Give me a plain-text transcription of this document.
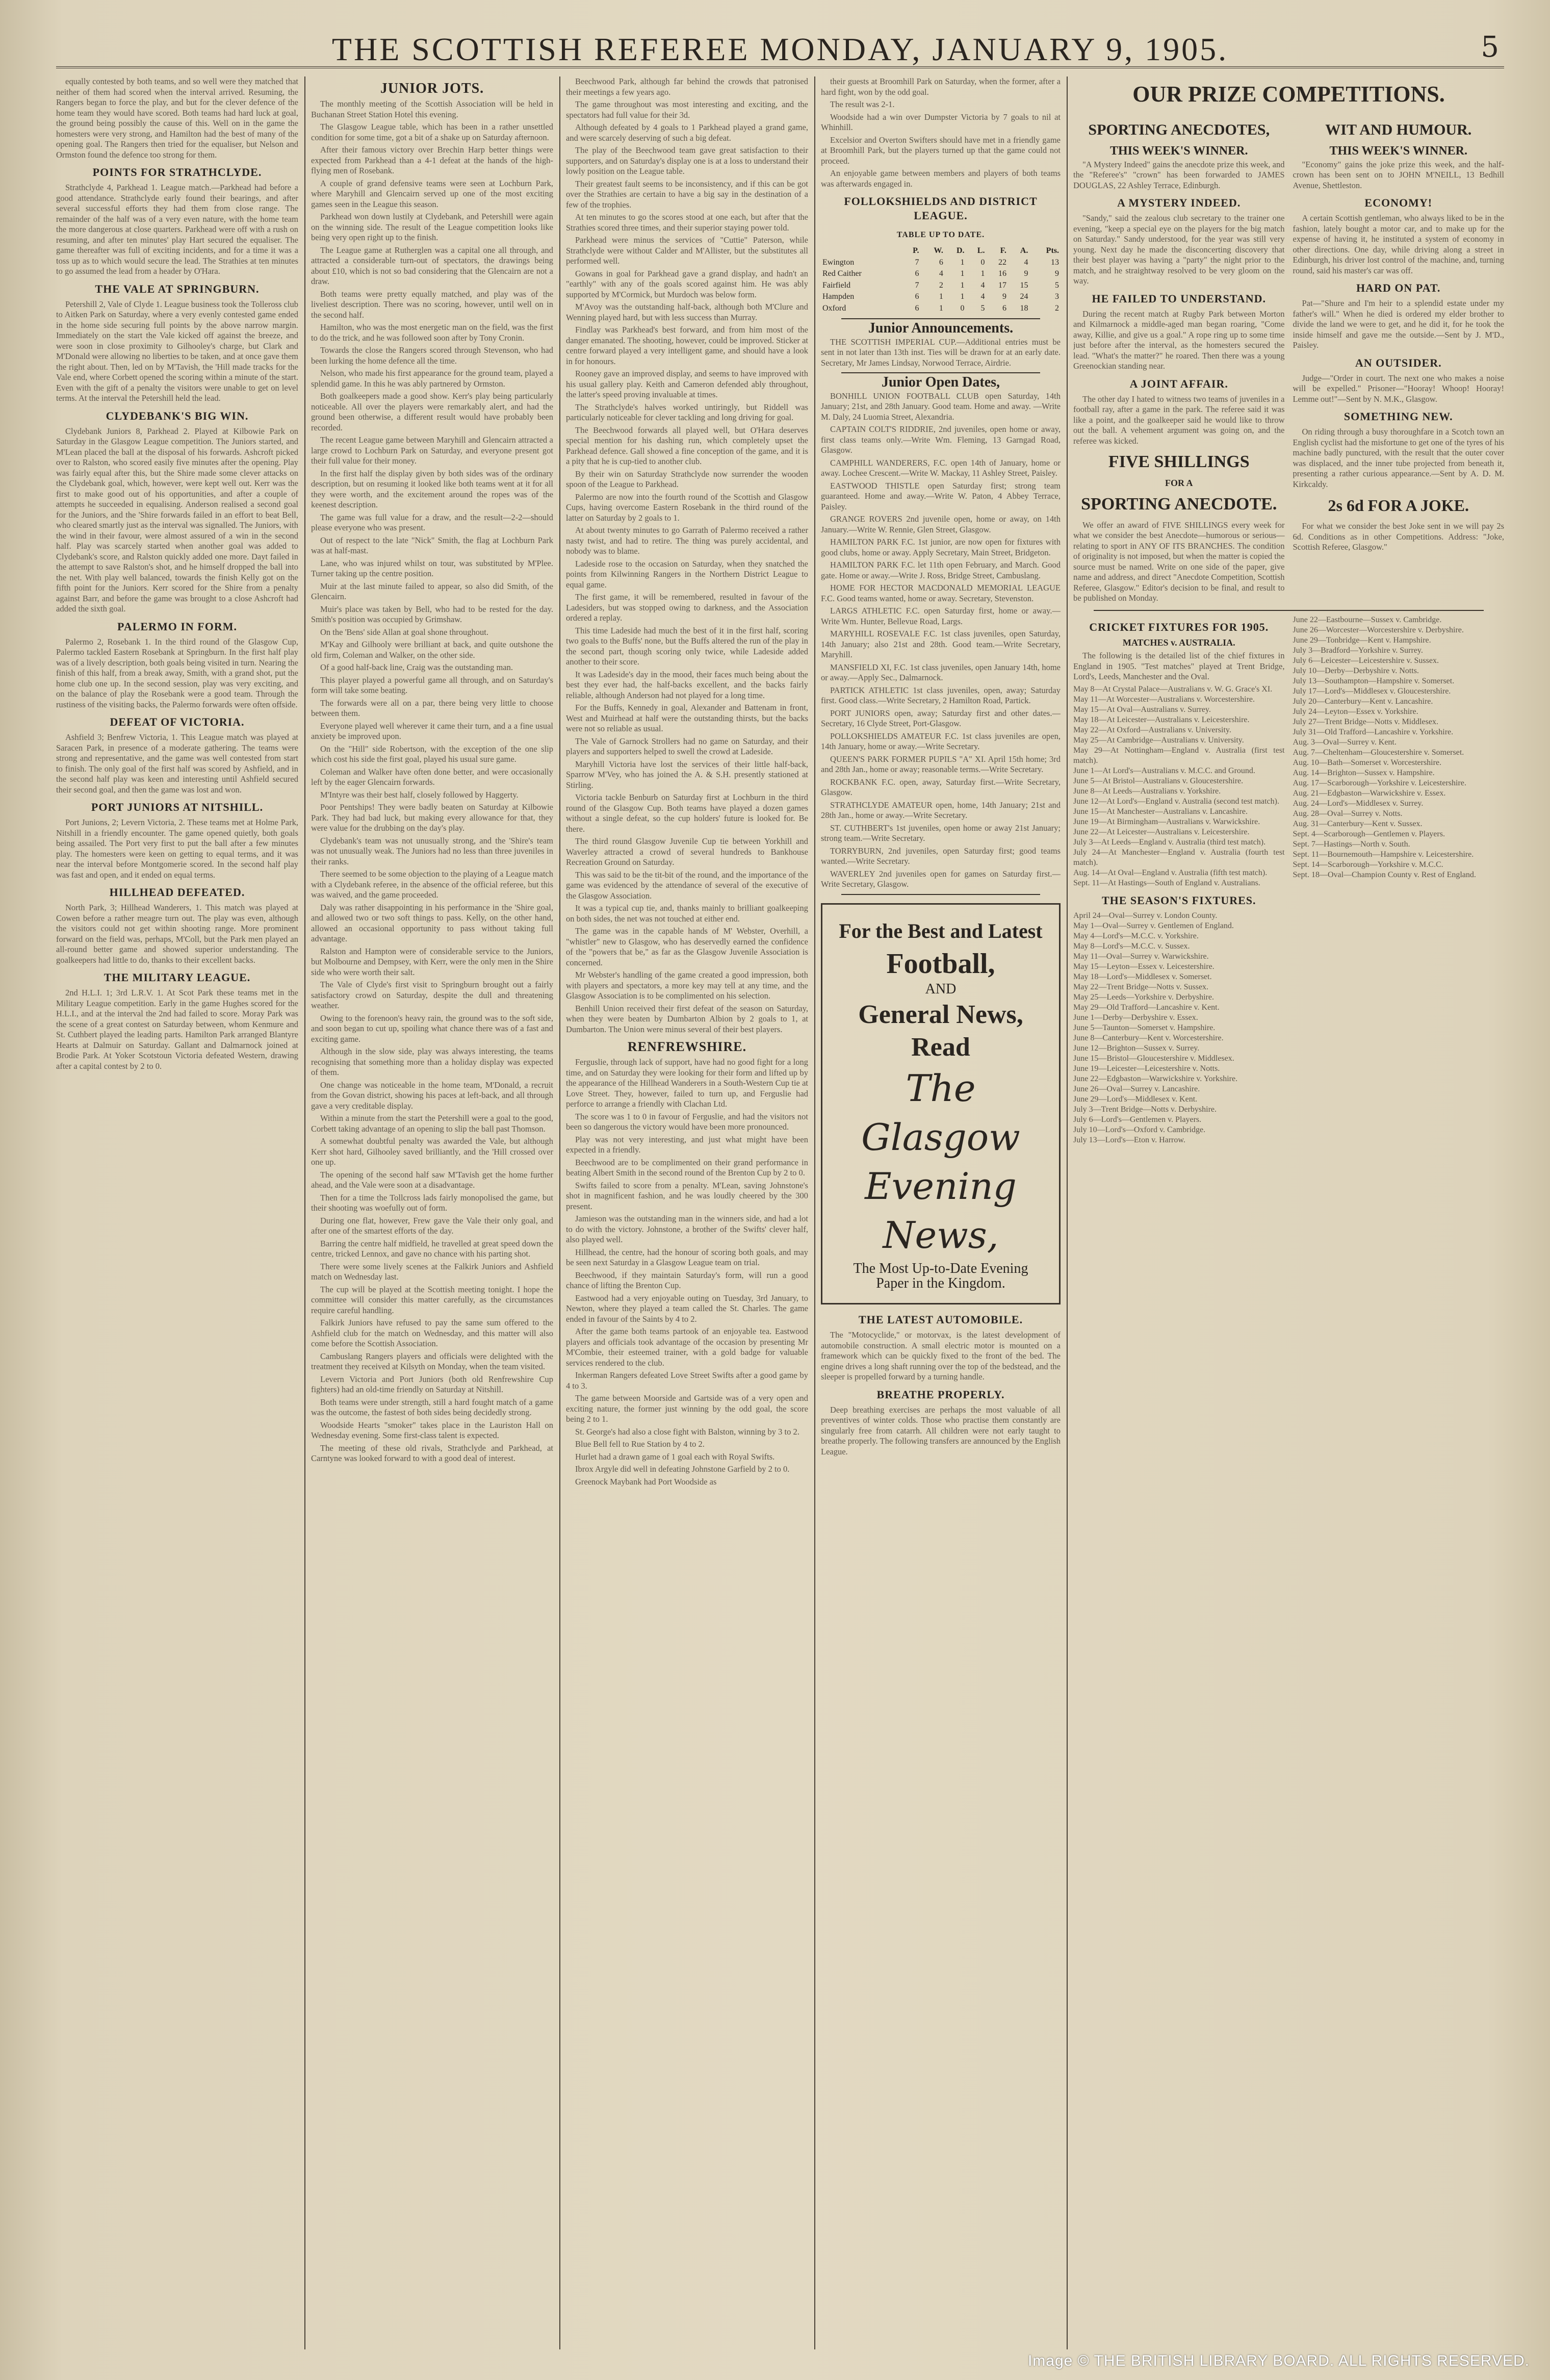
THE SCOTTISH REFEREE MONDAY, JANUARY 9, 1905.	5

equally contested by both teams, and so well were they matched that neither of them had scored when the interval arrived. Resuming, the Rangers began to force the play, and but for the clever defence of the home team they would have scored. Both teams had hard luck at goal, the ground being possibly the cause of this. Well on in the game the homesters were very strong, and Hamilton had the best of many of the opening goal. The Rangers then tried for the equaliser, but Nelson and Ormston found the defence too strong for them.

POINTS FOR STRATHCLYDE.

Strathclyde 4, Parkhead 1. League match.—Parkhead had before a good attendance. Strathclyde early found their bearings, and after several successful efforts they had them from close range. The remainder of the half was of a very even nature, with the home team the more dangerous at close quarters. Parkhead were off with a rush on resuming, and after ten minutes' play Hart secured the equaliser. The game thereafter was full of exciting incidents, and for a time it was a toss up as to which would secure the lead. The Strathies at ten minutes to go assumed the lead from a header by O'Hara.

THE VALE AT SPRINGBURN.

Petershill 2, Vale of Clyde 1. League business took the Tolleross club to Aitken Park on Saturday, where a very evenly contested game ended in the home side securing full points by the above narrow margin. Immediately on the start the Vale kicked off against the breeze, and were soon in close proximity to Gilhooley's charge, but Clark and M'Donald were allowing no liberties to be taken, and at once gave them the right about. Then, led on by M'Tavish, the 'Hill made tracks for the Vale end, where Corbett opened the scoring within a minute of the start. Even with the gift of a penalty the visitors were unable to get on level terms. At the interval the Petershill held the lead.

CLYDEBANK'S BIG WIN.

Clydebank Juniors 8, Parkhead 2. Played at Kilbowie Park on Saturday in the Glasgow League competition. The Juniors started, and M'Lean placed the ball at the disposal of his forwards. Ashcroft picked over to Ralston, who scored easily five minutes after the opening. Play was fairly equal after this, but the Shire made some clever attacks on the Clydebank goal, which, however, were kept well out. Kerr was the first to make good out of his opportunities, and after a couple of attempts he succeeded in equalising. Anderson realised a second goal for the Juniors, and the 'Shire forwards failed in an effort to beat Bell, who cleared smartly just as the interval was signalled. The Juniors, with the wind in their favour, were almost assured of a win in the second half. Play was scarcely started when another goal was added to Clydebank's score, and Ralston quickly added one more. Dayt failed in the attempt to save Ralston's shot, and he himself dropped the ball into the net. With play well balanced, towards the finish Kelly got on the fifth point for the Juniors. Kerr scored for the Shire from a penalty against Barr, and before the game was brought to a close Ashcroft had added the sixth goal.

PALERMO IN FORM.

Palermo 2, Rosebank 1. In the third round of the Glasgow Cup, Palermo tackled Eastern Rosebank at Springburn. In the first half play was of a lively description, both goals being visited in turn. Nearing the finish of this half, from a break away, Smith, with a grand shot, put the home club one up. In the second session, play was very exciting, and on the balance of play the Rosebank were a good team. Through the rustiness of the visiting backs, the Palermo forwards were often offside.

DEFEAT OF VICTORIA.

Ashfield 3; Benfrew Victoria, 1. This League match was played at Saracen Park, in presence of a moderate gathering. The teams were strong and representative, and the game was well contested from start to finish. The only goal of the first half was scored by Ashfield, and in the second half play was keen and interesting until Ashfield secured their second goal, and then the game was lost and won.

PORT JUNIORS AT NITSHILL.

Port Junions, 2; Levern Victoria, 2. These teams met at Holme Park, Nitshill in a friendly encounter. The game opened quietly, both goals being assailed. The Port very first to put the ball after a few minutes play. The homesters were keen on getting to equal terms, and it was near the interval before Montgomerie scored. In the second half play was fast and open, and it ended on equal terms.

HILLHEAD DEFEATED.

North Park, 3; Hillhead Wanderers, 1. This match was played at Cowen before a rather meagre turn out. The play was even, although the visitors could not get within shooting range. More prominent forward on the field was, perhaps, M'Coll, but the Park men played an all-round better game and showed superior understanding. The goalkeepers had little to do, thanks to their excellent backs.

THE MILITARY LEAGUE.

2nd H.L.I. 1; 3rd L.R.V. 1. At Scot Park these teams met in the Military League competition. Early in the game Hughes scored for the H.L.I., and at the interval the 2nd had failed to score. Moray Park was the scene of a great contest on Saturday between, whom Kenmure and St. Cuthbert played the leading parts. Hamilton Park arranged Blantyre Hearts at Dalmuir on Saturday. Gallant and Dalmarnock joined at Brodie Park. At Yoker Scotstoun Victoria defeated Western, drawing after a capital contest by 2 to 0.

JUNIOR JOTS.

The monthly meeting of the Scottish Association will be held in Buchanan Street Station Hotel this evening.

The Glasgow League table, which has been in a rather unsettled condition for some time, got a bit of a shake up on Saturday afternoon.

After their famous victory over Brechin Harp better things were expected from Parkhead than a 4-1 defeat at the hands of the high-flying men of Rosebank.

A couple of grand defensive teams were seen at Lochburn Park, where Maryhill and Glencairn served up one of the most exciting games seen in the League this season.

Parkhead won down lustily at Clydebank, and Petershill were again on the winning side. The result of the League competition looks like being very open right up to the finish.

The League game at Rutherglen was a capital one all through, and attracted a considerable turn-out of spectators, the drawings being about £10, which is not so bad considering that the Glencairn are not a draw.

Both teams were pretty equally matched, and play was of the liveliest description. There was no scoring, however, until well on in the second half.

Hamilton, who was the most energetic man on the field, was the first to do the trick, and he was followed soon after by Tony Cronin.

Towards the close the Rangers scored through Stevenson, who had been lurking the home defence all the time.

Nelson, who made his first appearance for the ground team, played a splendid game. In this he was ably partnered by Ormston.

Both goalkeepers made a good show. Kerr's play being particularly noticeable. All over the players were remarkably alert, and had the ground been otherwise, a different result would have probably been recorded.

The recent League game between Maryhill and Glencairn attracted a large crowd to Lochburn Park on Saturday, and everyone present got their full value for their money.

In the first half the display given by both sides was of the ordinary description, but on resuming it looked like both teams went at it for all they were worth, and the excitement around the ropes was of the keenest description.

The game was full value for a draw, and the result—2-2—should please everyone who was present.

Out of respect to the late "Nick" Smith, the flag at Lochburn Park was at half-mast.

Lane, who was injured whilst on tour, was substituted by M'Plee. Turner taking up the centre position.

Muir at the last minute failed to appear, so also did Smith, of the Glencairn.

Muir's place was taken by Bell, who had to be rested for the day. Smith's position was occupied by Grimshaw.

On the 'Bens' side Allan at goal shone throughout.

M'Kay and Gilhooly were brilliant at back, and quite outshone the old firm, Coleman and Walker, on the other side.

Of a good half-back line, Craig was the outstanding man.

This player played a powerful game all through, and on Saturday's form will take some beating.

The forwards were all on a par, there being very little to choose between them.

Everyone played well wherever it came their turn, and a a fine usual anxiety be improved upon.

On the "Hill" side Robertson, with the exception of the one slip which cost his side the first goal, played his usual sure game.

Coleman and Walker have often done better, and were occasionally left by the eager Glencairn forwards.

M'Intyre was their best half, closely followed by Haggerty.

Poor Pentships! They were badly beaten on Saturday at Kilbowie Park. They had bad luck, but making every allowance for that, they were value for the drubbing on the day's play.

Clydebank's team was not unusually strong, and the 'Shire's team was not unusually weak. The Juniors had no less than three juveniles in their ranks.

There seemed to be some objection to the playing of a League match with a Clydebank referee, in the absence of the official referee, but this was waived, and the game proceeded.

Daly was rather disappointing in his performance in the 'Shire goal, and allowed two or two soft things to pass. Kelly, on the other hand, allowed an occasional opportunity to pass without taking full advantage.

Ralston and Hampton were of considerable service to the Juniors, but Molbourne and Dempsey, with Kerr, were the only men in the Shire side who were worth their salt.

The Vale of Clyde's first visit to Springburn brought out a fairly satisfactory crowd on Saturday, despite the dull and threatening weather.

Owing to the forenoon's heavy rain, the ground was to the soft side, and soon began to cut up, spoiling what chance there was of a fast and exciting game.

Although in the slow side, play was always interesting, the teams recognising that something more than a holiday display was expected of them.

One change was noticeable in the home team, M'Donald, a recruit from the Govan district, showing his paces at left-back, and all through gave a very creditable display.

Within a minute from the start the Petershill were a goal to the good, Corbett taking advantage of an opening to slip the ball past Thomson.

A somewhat doubtful penalty was awarded the Vale, but although Kerr shot hard, Gilhooley saved brilliantly, and the 'Hill crossed over one up.

The opening of the second half saw M'Tavish get the home further ahead, and the Vale were soon at a disadvantage.

Then for a time the Tollcross lads fairly monopolised the game, but their shooting was woefully out of form.

During one flat, however, Frew gave the Vale their only goal, and after one of the smartest efforts of the day.

Barring the centre half midfield, he travelled at great speed down the centre, tricked Lennox, and gave no chance with his parting shot.

There were some lively scenes at the Falkirk Juniors and Ashfield match on Wednesday last.

The cup will be played at the Scottish meeting tonight. I hope the committee will consider this matter carefully, as the circumstances require careful handling.

Falkirk Juniors have refused to pay the same sum offered to the Ashfield club for the match on Wednesday, and this matter will also come before the Scottish Association.

Cambuslang Rangers players and officials were delighted with the treatment they received at Kilsyth on Monday, when the team visited.

Levern Victoria and Port Juniors (both old Renfrewshire Cup fighters) had an old-time friendly on Saturday at Nitshill.

Both teams were under strength, still a hard fought match of a game was the outcome, the fastest of both sides being decidedly strong.

Woodside Hearts "smoker" takes place in the Lauriston Hall on Wednesday evening. Some first-class talent is expected.

The meeting of these old rivals, Strathclyde and Parkhead, at Carntyne was looked forward to with a good deal of interest.

Beechwood Park, although far behind the crowds that patronised their meetings a few years ago.

The game throughout was most interesting and exciting, and the spectators had full value for their 3d.

Although defeated by 4 goals to 1 Parkhead played a grand game, and were scarcely deserving of such a big defeat.

The play of the Beechwood team gave great satisfaction to their supporters, and on Saturday's display one is at a loss to understand their lowly position on the League table.

Their greatest fault seems to be inconsistency, and if this can be got over the Strathies are certain to have a big say in the destination of a few of the trophies.

At ten minutes to go the scores stood at one each, but after that the Strathies scored three times, and their superior staying power told.

Parkhead were minus the services of "Cuttie" Paterson, while Strathclyde were without Calder and M'Allister, but the substitutes all performed well.

Gowans in goal for Parkhead gave a grand display, and hadn't an "earthly" with any of the goals scored against him. He was ably supported by M'Cormick, but Murdoch was below form.

M'Avoy was the outstanding half-back, although both M'Clure and Wenning played hard, but with less success than Murray.

Findlay was Parkhead's best forward, and from him most of the danger emanated. The shooting, however, could be improved. Sticker at centre forward played a very intelligent game, and should have a look in for honours.

Rooney gave an improved display, and seems to have improved with his usual gallery play. Keith and Cameron defended ably throughout, the latter's speed proving invaluable at times.

The Strathclyde's halves worked untiringly, but Riddell was particularly noticeable for clever tackling and long driving for goal.

The Beechwood forwards all played well, but O'Hara deserves special mention for his dashing run, which completely upset the Parkhead defence. Gall showed a fine conception of the game, and it is a pity that he is cup-tied to another club.

By their win on Saturday Strathclyde now surrender the wooden spoon of the League to Parkhead.

Palermo are now into the fourth round of the Scottish and Glasgow Cups, having overcome Eastern Rosebank in the third round of the latter on Saturday by 2 goals to 1.

At about twenty minutes to go Garrath of Palermo received a rather nasty twist, and had to retire. The thing was purely accidental, and nobody was to blame.

Ladeside rose to the occasion on Saturday, when they snatched the points from Kilwinning Rangers in the Northern District League to equal game.

The first game, it will be remembered, resulted in favour of the Ladesiders, but was stopped owing to darkness, and the Association ordered a replay.

This time Ladeside had much the best of it in the first half, scoring two goals to the Buffs' none, but the Buffs altered the run of the play in the second part, though scoring only twice, while Ladeside added another to their score.

It was Ladeside's day in the mood, their faces much being about the best they ever had, the half-backs excellent, and the backs fairly reliable, although Anderson had not played for a long time.

For the Buffs, Kennedy in goal, Alexander and Battenam in front, West and Muirhead at half were the outstanding thirsts, but the backs were not so reliable as usual.

The Vale of Garnock Strollers had no game on Saturday, and their players and supporters helped to swell the crowd at Ladeside.

Maryhill Victoria have lost the services of their little half-back, Sparrow M'Vey, who has joined the A. & S.H. presently stationed at Stirling.

Victoria tackle Benburb on Saturday first at Lochburn in the third round of the Glasgow Cup. Both teams have played a dozen games without a single defeat, so the cup holders' future is looked for. Be there.

The third round Glasgow Juvenile Cup tie between Yorkhill and Waverley attracted a crowd of several hundreds to Bankhouse Recreation Ground on Saturday.

This was said to be the tit-bit of the round, and the importance of the game was evidenced by the attendance of several of the executive of the Glasgow Association.

It was a typical cup tie, and, thanks mainly to brilliant goalkeeping on both sides, the net was not touched at either end.

The game was in the capable hands of M' Webster, Overhill, a "whistler" new to Glasgow, who has deservedly earned the confidence of the "powers that be," as far as the Glasgow Juvenile Association is concerned.

Mr Webster's handling of the game created a good impression, both with players and spectators, a more key may tell at any time, and the Glasgow Association is to be complimented on his selection.

Benhill Union received their first defeat of the season on Saturday, when they were beaten by Dumbarton Albion by 2 goals to 1, at Dumbarton. The Union were minus several of their best players.

RENFREWSHIRE.

Ferguslie, through lack of support, have had no good fight for a long time, and on Saturday they were looking for their form and lifted up by the appearance of the Hillhead Wanderers in a South-Western Cup tie at Love Street. They, however, failed to turn up, and Ferguslie had perforce to arrange a friendly with Clachan Ltd.

The score was 1 to 0 in favour of Ferguslie, and had the visitors not been so dangerous the victory would have been more pronounced.

Play was not very interesting, and just what might have been expected in a friendly.

Beechwood are to be complimented on their grand performance in beating Albert Smith in the second round of the Brenton Cup by 2 to 0.

Swifts failed to score from a penalty. M'Lean, saving Johnstone's shot in magnificent fashion, and he was loudly cheered by the 300 present.

Jamieson was the outstanding man in the winners side, and had a lot to do with the victory. Johnstone, a brother of the Swifts' clever half, also played well.

Hillhead, the centre, had the honour of scoring both goals, and may be seen next Saturday in a Glasgow League team on trial.

Beechwood, if they maintain Saturday's form, will run a good chance of lifting the Brenton Cup.

Eastwood had a very enjoyable outing on Tuesday, 3rd January, to Newton, where they played a team called the St. Charles. The game ended in favour of the Saints by 4 to 2.

After the game both teams partook of an enjoyable tea. Eastwood players and officials took advantage of the occasion by presenting Mr M'Combie, their esteemed trainer, with a gold badge for valuable services rendered to the club.

Inkerman Rangers defeated Love Street Swifts after a good game by 4 to 3.

The game between Moorside and Gartside was of a very open and exciting nature, the former just winning by the odd goal, the score being 2 to 1.

St. George's had also a close fight with Balston, winning by 3 to 2.

Blue Bell fell to Rue Station by 4 to 2.

Hurlet had a drawn game of 1 goal each with Royal Swifts.

Ibrox Argyle did well in defeating Johnstone Garfield by 2 to 0.

Greenock Maybank had Port Woodside as

their guests at Broomhill Park on Saturday, when the former, after a hard fight, won by the odd goal.

The result was 2-1.

Woodside had a win over Dumpster Victoria by 7 goals to nil at Whinhill.

Excelsior and Overton Swifters should have met in a friendly game at Broomhill Park, but the players turned up that the game could not proceed.

An enjoyable game between members and players of both teams was afterwards engaged in.

FOLLOKSHIELDS AND DISTRICT LEAGUE.
TABLE UP TO DATE.
	P.	W.	D.	L.	F.	A.	Pts.
Ewington	7	6	1	0	22	4	13
Red Caither	6	4	1	1	16	9	9
Fairfield	7	2	1	4	17	15	5
Hampden	6	1	1	4	9	24	3
Oxford	6	1	0	5	6	18	2
Junior Announcements.

THE SCOTTISH IMPERIAL CUP.—Additional entries must be sent in not later than 13th inst. Ties will be drawn for at an early date. Secretary, Mr James Lindsay, Norwood Terrace, Airdrie.

Junior Open Dates,

BONHILL UNION FOOTBALL CLUB open Saturday, 14th January; 21st, and 28th January. Good team. Home and away. —Write M. Daly, 24 Luomia Street, Alexandria.

CAPTAIN COLT'S RIDDRIE, 2nd juveniles, open home or away, first class teams only.—Write Wm. Fleming, 13 Garngad Road, Glasgow.

CAMPHILL WANDERERS, F.C. open 14th of January, home or away. Lochee Crescent.—Write W. Mackay, 11 Ashley Street, Paisley.

EASTWOOD THISTLE open Saturday first; strong team guaranteed. Home and away.—Write W. Paton, 4 Abbey Terrace, Paisley.

GRANGE ROVERS 2nd juvenile open, home or away, on 14th January.—Write W. Rennie, Glen Street, Glasgow.

HAMILTON PARK F.C. 1st junior, are now open for fixtures with good clubs, home or away. Apply Secretary, Main Street, Bridgeton.

HAMILTON PARK F.C. let 11th open February, and March. Good gate. Home or away.—Write J. Ross, Bridge Street, Cambuslang.

HOME FOR HECTOR MACDONALD MEMORIAL LEAGUE F.C. Good teams wanted, home or away. Secretary, Stevenston.

LARGS ATHLETIC F.C. open Saturday first, home or away.—Write Wm. Hunter, Bellevue Road, Largs.

MARYHILL ROSEVALE F.C. 1st class juveniles, open Saturday, 14th January; also 21st and 28th. Good team.—Write Secretary, Maryhill.

MANSFIELD XI, F.C. 1st class juveniles, open January 14th, home or away.—Apply Sec., Dalmarnock.

PARTICK ATHLETIC 1st class juveniles, open, away; Saturday first. Good class.—Write Secretary, 2 Hamilton Road, Partick.

PORT JUNIORS open, away; Saturday first and other dates.—Secretary, 16 Clyde Street, Port-Glasgow.

POLLOKSHIELDS AMATEUR F.C. 1st class juveniles are open, 14th January, home or away.—Write Secretary.

QUEEN'S PARK FORMER PUPILS "A" XI. April 15th home; 3rd and 28th Jan., home or away; reasonable terms.—Write Secretary.

ROCKBANK F.C. open, away, Saturday first.—Write Secretary, Glasgow.

STRATHCLYDE AMATEUR open, home, 14th January; 21st and 28th Jan., home or away.—Write Secretary.

ST. CUTHBERT's 1st juveniles, open home or away 21st January; strong team.—Write Secretary.

TORRYBURN, 2nd juveniles, open Saturday first; good teams wanted.—Write Secretary.

WAVERLEY 2nd juveniles open for games on Saturday first.—Write Secretary, Glasgow.

For the Best and Latest
Football,
AND
General News,
Read
The Glasgow
Evening News,
The Most Up-to-Date Evening
Paper in the Kingdom.
THE LATEST AUTOMOBILE.

The "Motocyclide," or motorvax, is the latest development of automobile construction. A small electric motor is mounted on a framework which can be quickly fixed to the front of the bed. The engine drives a long shaft running over the top of the bedstead, and the sleeper is propelled forward by a turning handle.

BREATHE PROPERLY.

Deep breathing exercises are perhaps the most valuable of all preventives of winter colds. Those who practise them constantly are singularly free from catarrh. All children were not early taught to breathe properly. The following transfers are announced by the English League.

OUR PRIZE COMPETITIONS.
SPORTING ANECDOTES,
THIS WEEK'S WINNER.

"A Mystery Indeed" gains the anecdote prize this week, and the "Referee's" "crown" has been forwarded to JAMES DOUGLAS, 22 Ashley Terrace, Edinburgh.

A MYSTERY INDEED.

"Sandy," said the zealous club secretary to the trainer one evening, "keep a special eye on the players for the big match on Saturday." Sandy understood, for the year was still very young. Next day he made the disconcerting discovery that their best player was having a "party" the night prior to the match, and he straightway resolved to be very gloom on the way.

HE FAILED TO UNDERSTAND.

During the recent match at Rugby Park between Morton and Kilmarnock a middle-aged man began roaring, "Come away, Killie, and give us a goal." A rope ring up to some time just before after the interval, as the homesters secured the lead. "What's the matter?" he roared. Then there was a young Greenockian standing near.

A JOINT AFFAIR.

The other day I hated to witness two teams of juveniles in a football ray, after a game in the park. The referee said it was like a point, and the goalkeeper said he would like to throw out the ball. A vehement argument was going on, and the referee was kicked.

FIVE SHILLINGS
FOR A
SPORTING ANECDOTE.

We offer an award of FIVE SHILLINGS every week for what we consider the best Anecdote—humorous or serious—relating to sport in ANY OF ITS BRANCHES. The condition of originality is not imposed, but when the matter is copied the source must be named. Write on one side of the paper, give name and address, and direct "Anecdote Competition, Scottish Referee, Glasgow." Editor's decision to be final, and result to be published on Monday.

WIT AND HUMOUR.
THIS WEEK'S WINNER.

"Economy" gains the joke prize this week, and the half-crown has been sent on to JOHN M'NEILL, 13 Bedhill Avenue, Shettleston.

ECONOMY!

A certain Scottish gentleman, who always liked to be in the fashion, lately bought a motor car, and to make up for the expense of having it, he instituted a system of economy in other directions. One day, while driving along a street in Edinburgh, his driver lost control of the machine, and, turning round, said his master's car was off.

HARD ON PAT.

Pat—"Shure and I'm heir to a splendid estate under my father's will." When he died is ordered my elder brother to divide the land we were to get, and he did it, for he took the inside himself and gave me the outside.—Sent by J. M'D., Paisley.

AN OUTSIDER.

Judge—"Order in court. The next one who makes a noise will be expelled." Prisoner—"Hooray! Whoop! Hooray! Lemme out!"—Sent by N. M.K., Glasgow.

SOMETHING NEW.

On riding through a busy thoroughfare in a Scotch town an English cyclist had the misfortune to get one of the tyres of his machine badly punctured, with the result that the outer cover was displaced, and the inner tube projected from beneath it, presenting a rather curious appearance.—Sent by A. D. M. Kirkcaldy.

2s 6d FOR A JOKE.

For what we consider the best Joke sent in we will pay 2s 6d. Conditions as in other Competitions. Address: "Joke, Scottish Referee, Glasgow."

CRICKET FIXTURES FOR 1905.
MATCHES v. AUSTRALIA.

The following is the detailed list of the chief fixtures in England in 1905. "Test matches" played at Trent Bridge, Lord's, Leeds, Manchester and the Oval.

May 8—At Crystal Palace—Australians v. W. G. Grace's XI.
May 11—At Worcester—Australians v. Worcestershire.
May 15—At Oval—Australians v. Surrey.
May 18—At Leicester—Australians v. Leicestershire.
May 22—At Oxford—Australians v. University.
May 25—At Cambridge—Australians v. University.
May 29—At Nottingham—England v. Australia (first test match).
June 1—At Lord's—Australians v. M.C.C. and Ground.
June 5—At Bristol—Australians v. Gloucestershire.
June 8—At Leeds—Australians v. Yorkshire.
June 12—At Lord's—England v. Australia (second test match).
June 15—At Manchester—Australians v. Lancashire.
June 19—At Birmingham—Australians v. Warwickshire.
June 22—At Leicester—Australians v. Leicestershire.
July 3—At Leeds—England v. Australia (third test match).
July 24—At Manchester—England v. Australia (fourth test match).
Aug. 14—At Oval—England v. Australia (fifth test match).
Sept. 11—At Hastings—South of England v. Australians.
THE SEASON'S FIXTURES.
April 24—Oval—Surrey v. London County.
May 1—Oval—Surrey v. Gentlemen of England.
May 4—Lord's—M.C.C. v. Yorkshire.
May 8—Lord's—M.C.C. v. Sussex.
May 11—Oval—Surrey v. Warwickshire.
May 15—Leyton—Essex v. Leicestershire.
May 18—Lord's—Middlesex v. Somerset.
May 22—Trent Bridge—Notts v. Sussex.
May 25—Leeds—Yorkshire v. Derbyshire.
May 29—Old Trafford—Lancashire v. Kent.
June 1—Derby—Derbyshire v. Essex.
June 5—Taunton—Somerset v. Hampshire.
June 8—Canterbury—Kent v. Worcestershire.
June 12—Brighton—Sussex v. Surrey.
June 15—Bristol—Gloucestershire v. Middlesex.
June 19—Leicester—Leicestershire v. Notts.
June 22—Edgbaston—Warwickshire v. Yorkshire.
June 26—Oval—Surrey v. Lancashire.
June 29—Lord's—Middlesex v. Kent.
July 3—Trent Bridge—Notts v. Derbyshire.
July 6—Lord's—Gentlemen v. Players.
July 10—Lord's—Oxford v. Cambridge.
July 13—Lord's—Eton v. Harrow.
June 22—Eastbourne—Sussex v. Cambridge.
June 26—Worcester—Worcestershire v. Derbyshire.
June 29—Tonbridge—Kent v. Hampshire.
July 3—Bradford—Yorkshire v. Surrey.
July 6—Leicester—Leicestershire v. Sussex.
July 10—Derby—Derbyshire v. Notts.
July 13—Southampton—Hampshire v. Somerset.
July 17—Lord's—Middlesex v. Gloucestershire.
July 20—Canterbury—Kent v. Lancashire.
July 24—Leyton—Essex v. Yorkshire.
July 27—Trent Bridge—Notts v. Middlesex.
July 31—Old Trafford—Lancashire v. Yorkshire.
Aug. 3—Oval—Surrey v. Kent.
Aug. 7—Cheltenham—Gloucestershire v. Somerset.
Aug. 10—Bath—Somerset v. Worcestershire.
Aug. 14—Brighton—Sussex v. Hampshire.
Aug. 17—Scarborough—Yorkshire v. Leicestershire.
Aug. 21—Edgbaston—Warwickshire v. Essex.
Aug. 24—Lord's—Middlesex v. Surrey.
Aug. 28—Oval—Surrey v. Notts.
Aug. 31—Canterbury—Kent v. Sussex.
Sept. 4—Scarborough—Gentlemen v. Players.
Sept. 7—Hastings—North v. South.
Sept. 11—Bournemouth—Hampshire v. Leicestershire.
Sept. 14—Scarborough—Yorkshire v. M.C.C.
Sept. 18—Oval—Champion County v. Rest of England.
Image © THE BRITISH LIBRARY BOARD. ALL RIGHTS RESERVED.
